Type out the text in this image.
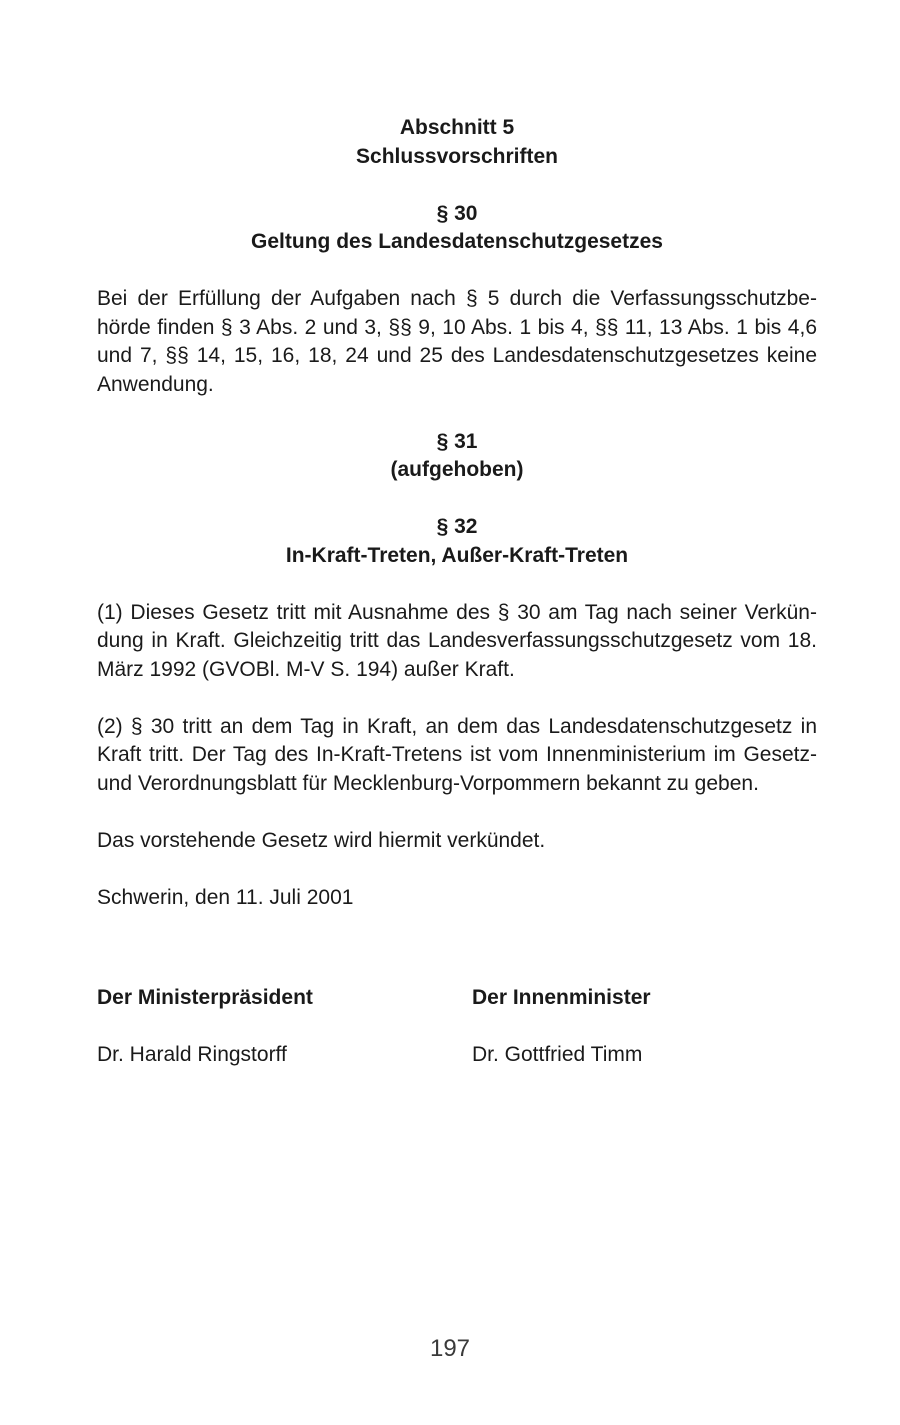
Abschnitt 5

Schlussvorschriften

§ 30

Geltung des Landesdatenschutzgesetzes

Bei der Erfüllung der Aufgaben nach § 5 durch die Verfassungsschutzbehörde finden § 3 Abs. 2 und 3, §§ 9, 10 Abs. 1 bis 4, §§ 11, 13 Abs. 1 bis 4,6 und 7, §§ 14, 15, 16, 18, 24 und 25 des Landesdatenschutzgesetzes keine Anwendung.

§ 31

(aufgehoben)

§ 32

In-Kraft-Treten, Außer-Kraft-Treten

(1) Dieses Gesetz tritt mit Ausnahme des § 30 am Tag nach seiner Verkündung in Kraft. Gleichzeitig tritt das Landesverfassungsschutzgesetz vom 18. März 1992 (GVOBl. M-V S. 194) außer Kraft.

(2) § 30 tritt an dem Tag in Kraft, an dem das Landesdatenschutzgesetz in Kraft tritt. Der Tag des In-Kraft-Tretens ist vom Innenministerium im Gesetz- und Verordnungsblatt für Mecklenburg-Vorpommern bekannt zu geben.

Das vorstehende Gesetz wird hiermit verkündet.

Schwerin, den 11. Juli 2001

Der Ministerpräsident	Der Innenminister
Dr. Harald Ringstorff	Dr. Gottfried Timm
197
